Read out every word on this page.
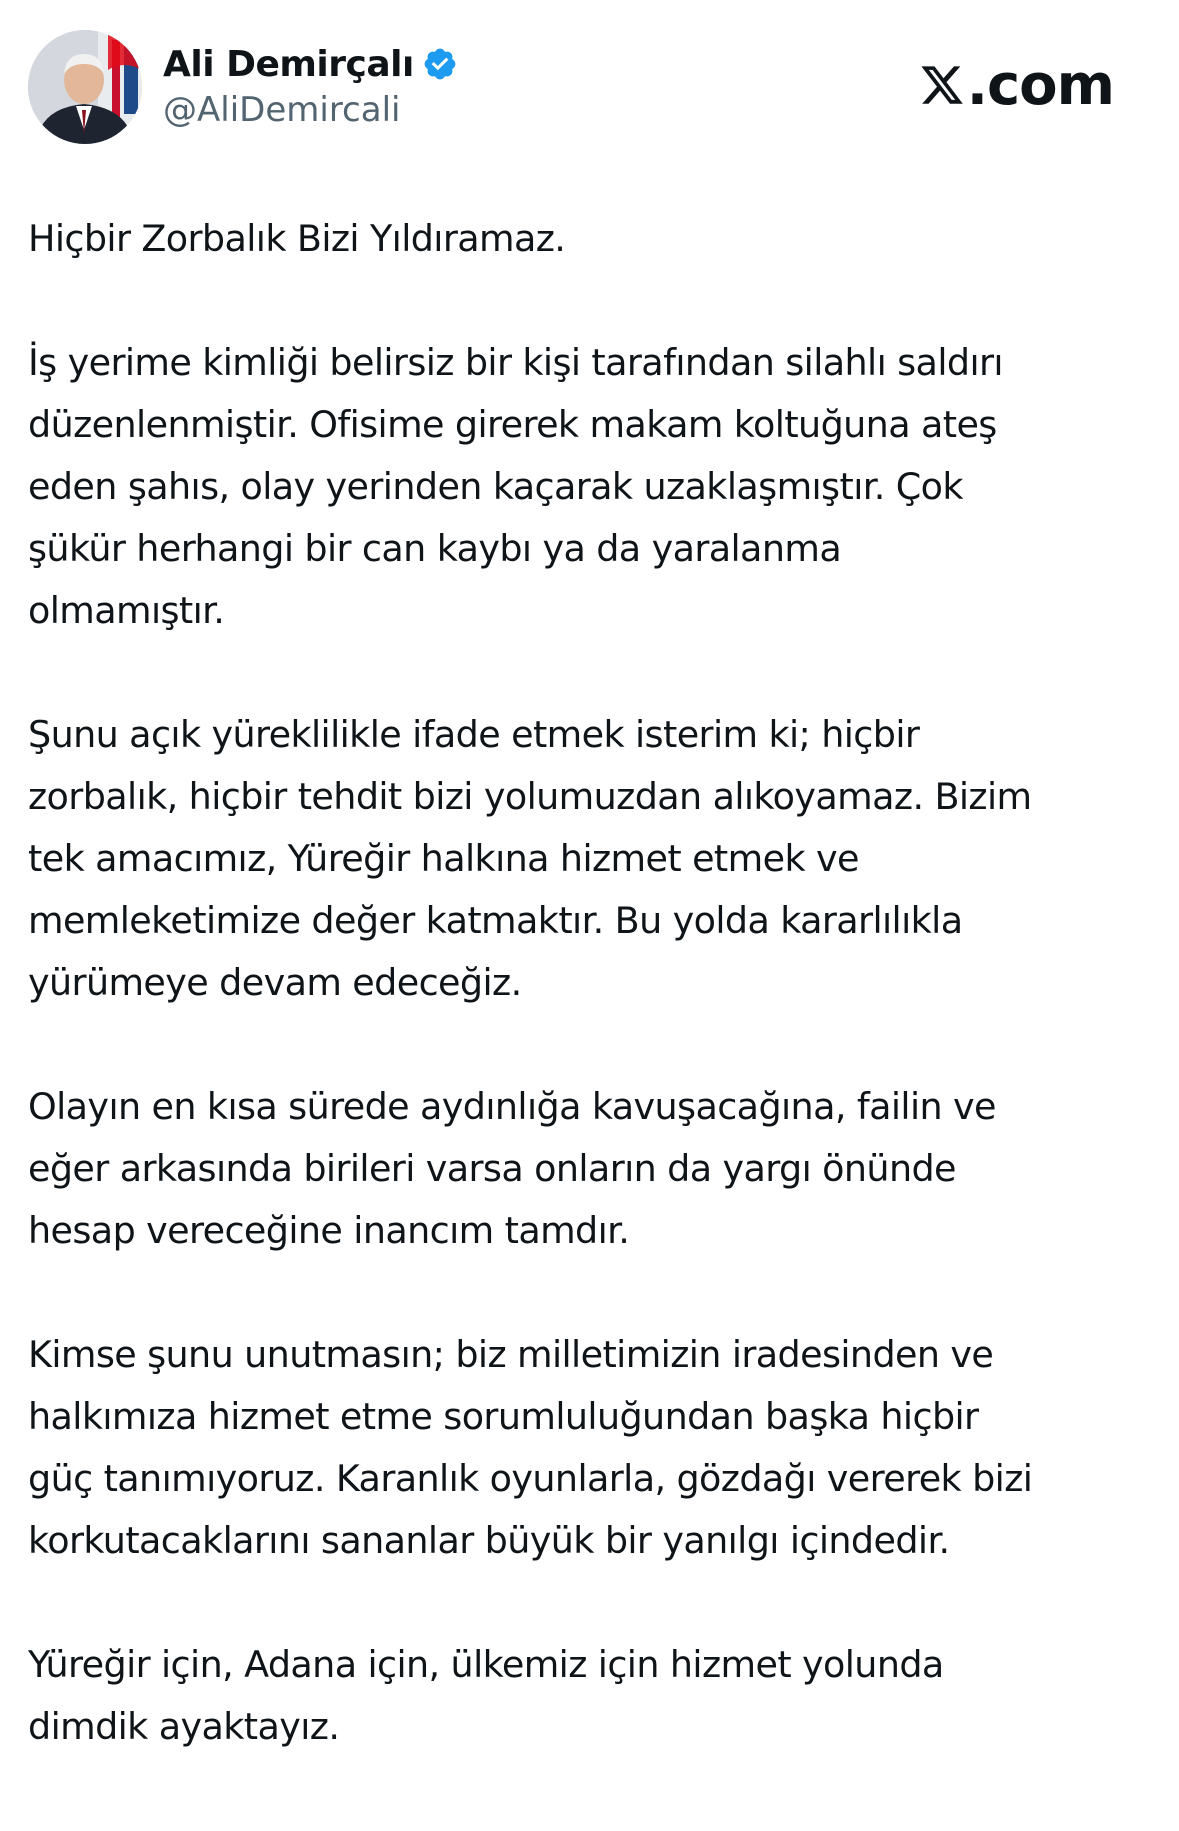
Ali Demirçalı
@AliDemircali	.com

Hiçbir Zorbalık Bizi Yıldıramaz.

İş yerime kimliği belirsiz bir kişi tarafından silahlı saldırı
düzenlenmiştir. Ofisime girerek makam koltuğuna ateş
eden şahıs, olay yerinden kaçarak uzaklaşmıştır. Çok
şükür herhangi bir can kaybı ya da yaralanma
olmamıştır.

Şunu açık yüreklilikle ifade etmek isterim ki; hiçbir
zorbalık, hiçbir tehdit bizi yolumuzdan alıkoyamaz. Bizim
tek amacımız, Yüreğir halkına hizmet etmek ve
memleketimize değer katmaktır. Bu yolda kararlılıkla
yürümeye devam edeceğiz.

Olayın en kısa sürede aydınlığa kavuşacağına, failin ve
eğer arkasında birileri varsa onların da yargı önünde
hesap vereceğine inancım tamdır.

Kimse şunu unutmasın; biz milletimizin iradesinden ve
halkımıza hizmet etme sorumluluğundan başka hiçbir
güç tanımıyoruz. Karanlık oyunlarla, gözdağı vererek bizi
korkutacaklarını sananlar büyük bir yanılgı içindedir.

Yüreğir için, Adana için, ülkemiz için hizmet yolunda
dimdik ayaktayız.
